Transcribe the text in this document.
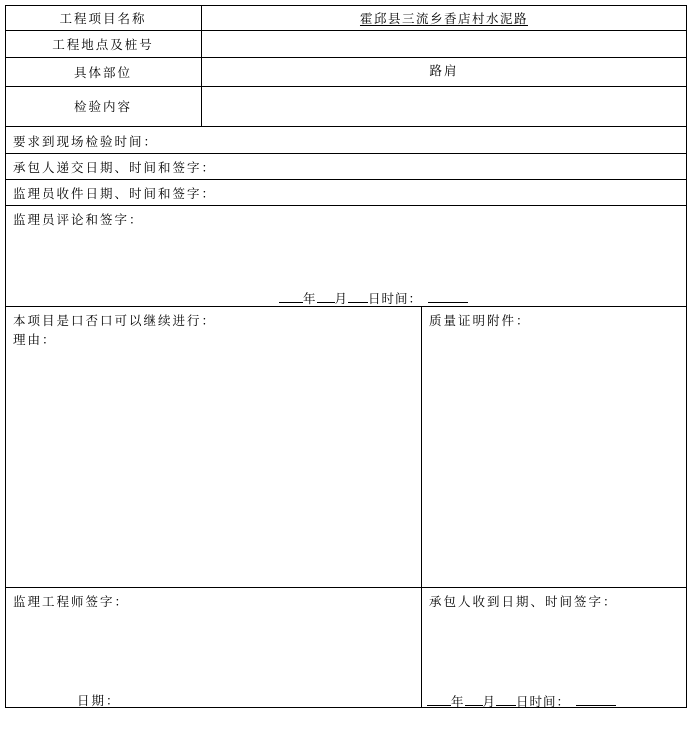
工程项目名称	霍邱县三流乡香店村水泥路
工程地点及桩号
具体部位	路肩
检验内容
要求到现场检验时间：
承包人递交日期、时间和签字：
监理员收件日期、时间和签字：
监理员评论和签字：
年 月 日时间：
本项目是口否口可以继续进行：
理由：
质量证明附件：
监理工程师签字：
日期：
承包人收到日期、时间签字：
年 月 日时间：
